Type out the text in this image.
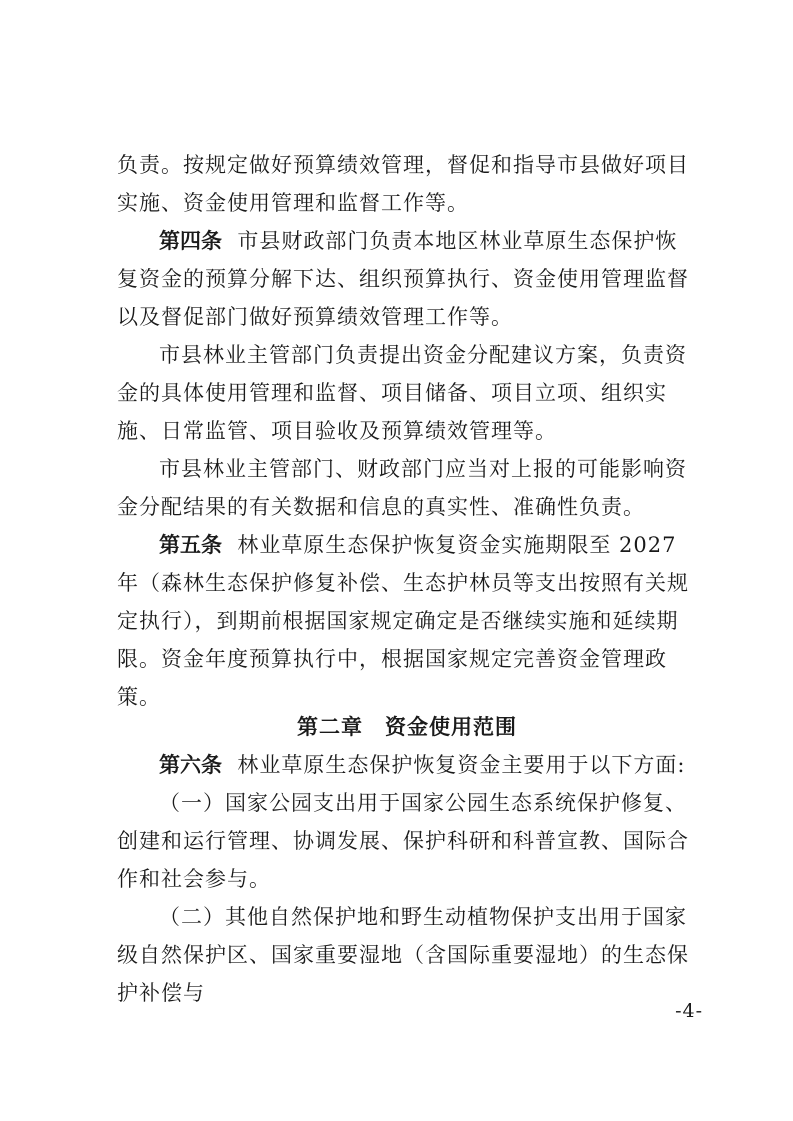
负责。按规定做好预算绩效管理，督促和指导市县做好项目实施、资金使用管理和监督工作等。

第四条 市县财政部门负责本地区林业草原生态保护恢复资金的预算分解下达、组织预算执行、资金使用管理监督以及督促部门做好预算绩效管理工作等。

市县林业主管部门负责提出资金分配建议方案，负责资金的具体使用管理和监督、项目储备、项目立项、组织实施、日常监管、项目验收及预算绩效管理等。

市县林业主管部门、财政部门应当对上报的可能影响资金分配结果的有关数据和信息的真实性、准确性负责。

第五条 林业草原生态保护恢复资金实施期限至 2027 年（森林生态保护修复补偿、生态护林员等支出按照有关规定执行），到期前根据国家规定确定是否继续实施和延续期限。资金年度预算执行中，根据国家规定完善资金管理政策。

第二章　资金使用范围

第六条 林业草原生态保护恢复资金主要用于以下方面:

（一）国家公园支出用于国家公园生态系统保护修复、创建和运行管理、协调发展、保护科研和科普宣教、国际合作和社会参与。

（二）其他自然保护地和野生动植物保护支出用于国家级自然保护区、国家重要湿地（含国际重要湿地）的生态保护补偿与

-4-
